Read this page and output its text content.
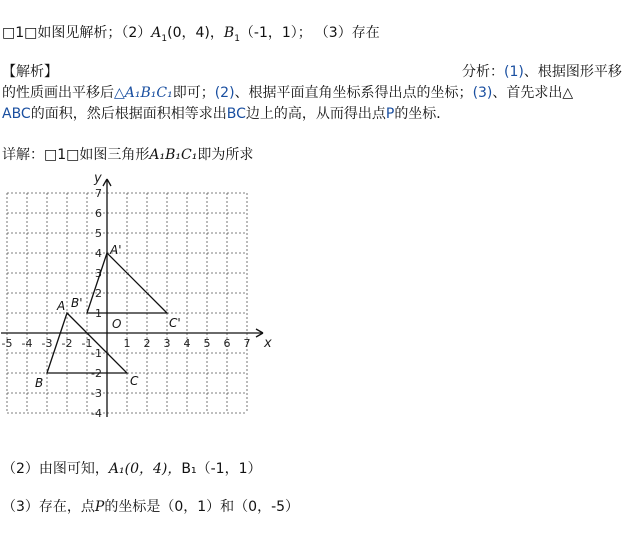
□1□如图见解析；$(2)A_1(0$，4)，$B_1(-1$，1）； （3）存在
【解析】	分析：(1)、根据图形平移
的性质画出平移后△A₁B₁C₁即可；(2)、根据平面直角坐标系得出点的坐标；(3)、首先求出△
ABC的面积，然后根据面积相等求出BC边上的高，从而得出点P的坐标．
详解：□1□如图三角形A₁B₁C₁即为所求
-5 -4 -3 -2 -1	1 2 3 4 5 6 7
7
6
5
4
3
2
1
-1
-2
-3
-4
x
y
O
A
B	C
A'
B'
C'
（2）由图可知，A₁(0，4)，B₁（-1，1）
（3）存在，点P的坐标是（0，1）和（0，-5）
